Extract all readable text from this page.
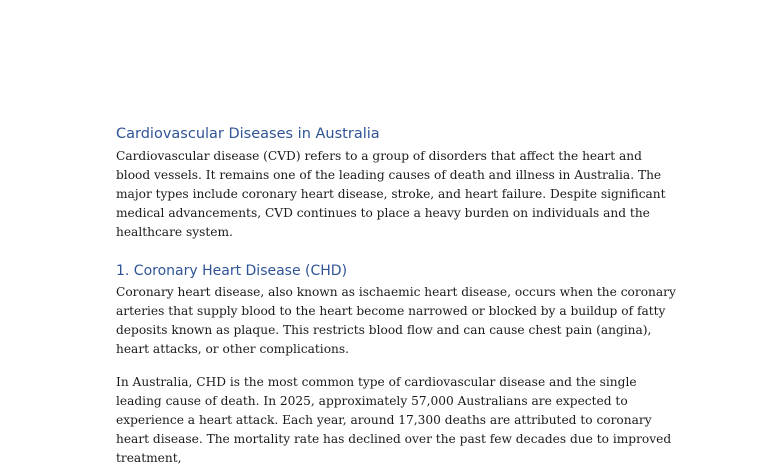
Cardiovascular Diseases in Australia

Cardiovascular disease (CVD) refers to a group of disorders that affect the heart and blood vessels. It remains one of the leading causes of death and illness in Australia. The major types include coronary heart disease, stroke, and heart failure. Despite significant medical advancements, CVD continues to place a heavy burden on individuals and the healthcare system.

1. Coronary Heart Disease (CHD)

Coronary heart disease, also known as ischaemic heart disease, occurs when the coronary arteries that supply blood to the heart become narrowed or blocked by a buildup of fatty deposits known as plaque. This restricts blood flow and can cause chest pain (angina), heart attacks, or other complications.

In Australia, CHD is the most common type of cardiovascular disease and the single leading cause of death. In 2025, approximately 57,000 Australians are expected to experience a heart attack. Each year, around 17,300 deaths are attributed to coronary heart disease. The mortality rate has declined over the past few decades due to improved treatment,
